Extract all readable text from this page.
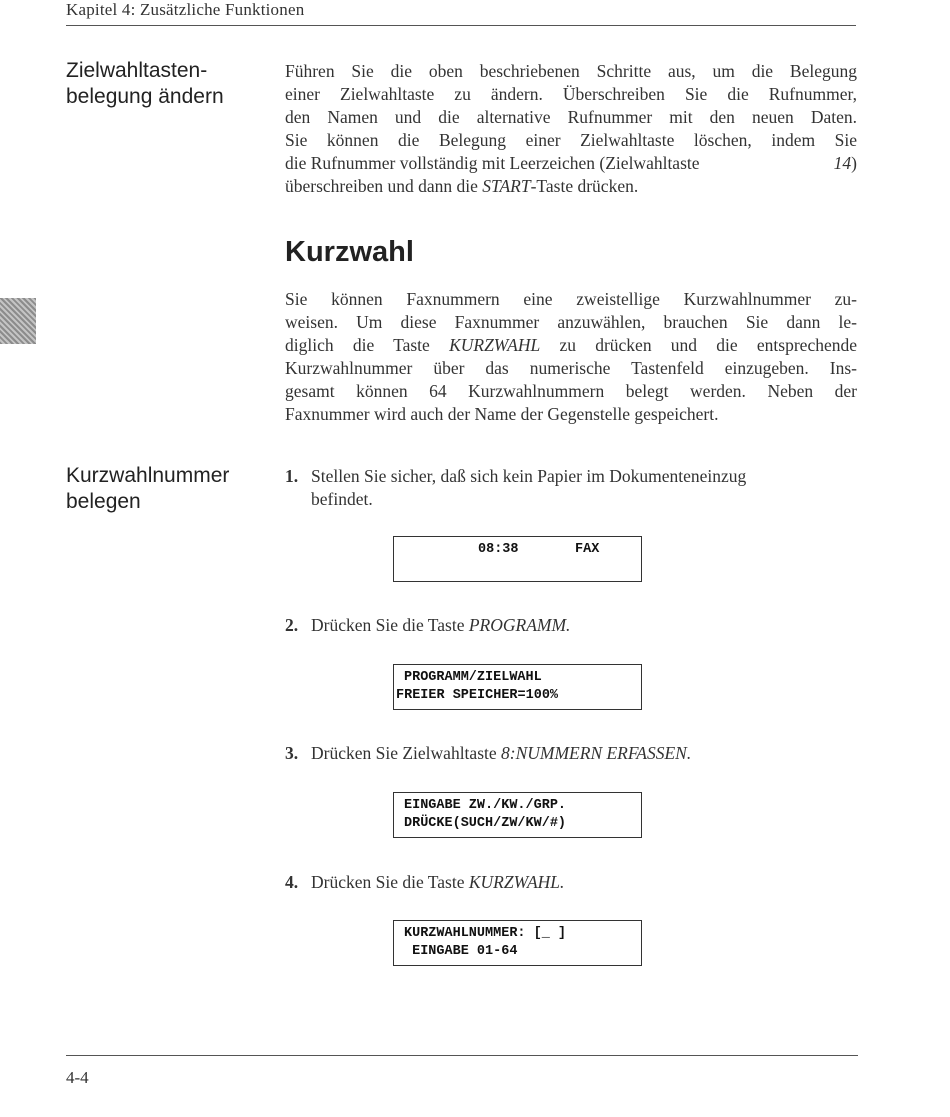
Kapitel 4: Zusätzliche Funktionen
Zielwahltasten-
belegung ändern
Führen Sie die oben beschriebenen Schritte aus, um die Belegung
einer Zielwahltaste zu ändern. Überschreiben Sie die Rufnummer,
den Namen und die alternative Rufnummer mit den neuen Daten.
Sie können die Belegung einer Zielwahltaste löschen, indem Sie
die Rufnummer vollständig mit Leerzeichen (Zielwahltaste	14)
überschreiben und dann die START-Taste drücken.
Kurzwahl
Sie können Faxnummern eine zweistellige Kurzwahlnummer zu-
weisen. Um diese Faxnummer anzuwählen, brauchen Sie dann le-
diglich die Taste KURZWAHL zu drücken und die entsprechende
Kurzwahlnummer über das numerische Tastenfeld einzugeben. Ins-
gesamt können 64 Kurzwahlnummern belegt werden. Neben der
Faxnummer wird auch der Name der Gegenstelle gespeichert.
Kurzwahlnummer
belegen
1. Stellen Sie sicher, daß sich kein Papier im Dokumenteneinzug
befindet.
08:38	FAX
2. Drücken Sie die Taste PROGRAMM.
PROGRAMM/ZIELWAHL
FREIER SPEICHER=100%
3. Drücken Sie Zielwahltaste 8:NUMMERN ERFASSEN.
EINGABE ZW./KW./GRP.
DRÜCKE(SUCH/ZW/KW/#)
4. Drücken Sie die Taste KURZWAHL.
KURZWAHLNUMMER: [_ ]
EINGABE 01-64
4-4
